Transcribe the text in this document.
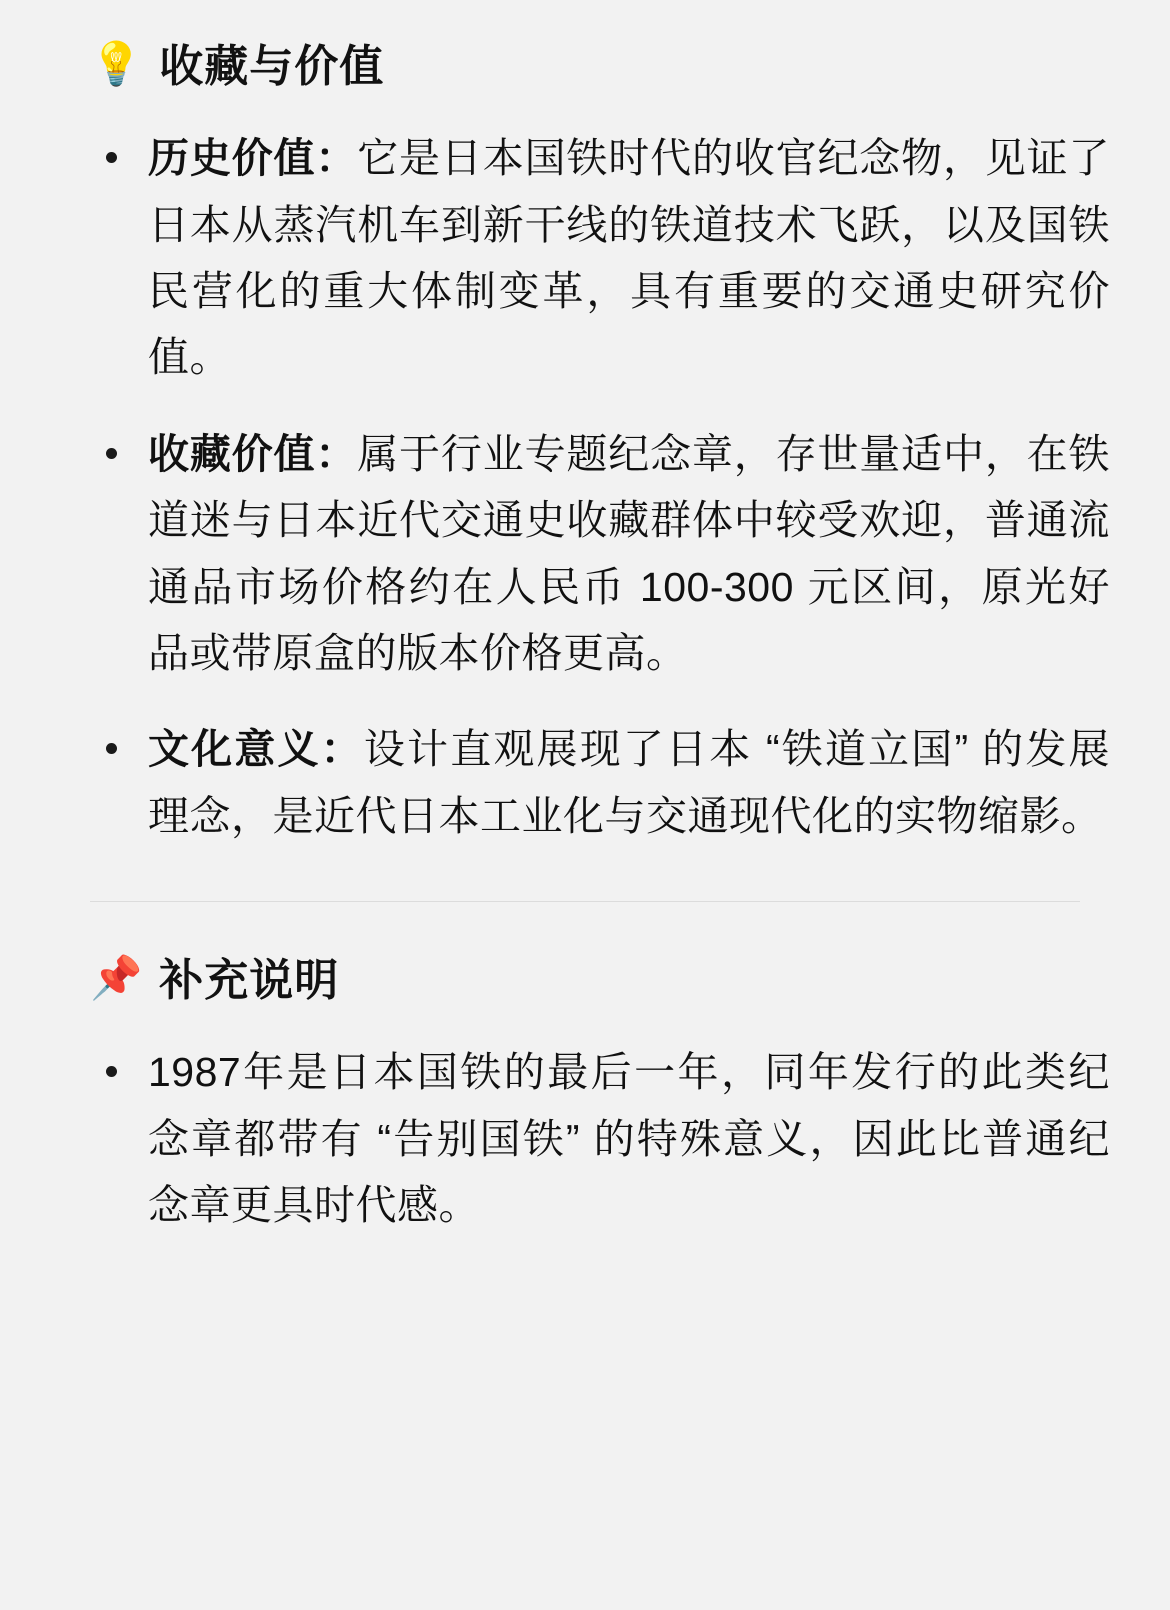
💡 收藏与价值
历史价值：它是日本国铁时代的收官纪念物，见证了日本从蒸汽机车到新干线的铁道技术飞跃，以及国铁民营化的重大体制变革，具有重要的交通史研究价值。
收藏价值：属于行业专题纪念章，存世量适中，在铁道迷与日本近代交通史收藏群体中较受欢迎，普通流通品市场价格约在人民币 100-300 元区间，原光好品或带原盒的版本价格更高。
文化意义：设计直观展现了日本 “铁道立国” 的发展理念，是近代日本工业化与交通现代化的实物缩影。
📌 补充说明
1987年是日本国铁的最后一年，同年发行的此类纪念章都带有 “告别国铁” 的特殊意义，因此比普通纪念章更具时代感。
